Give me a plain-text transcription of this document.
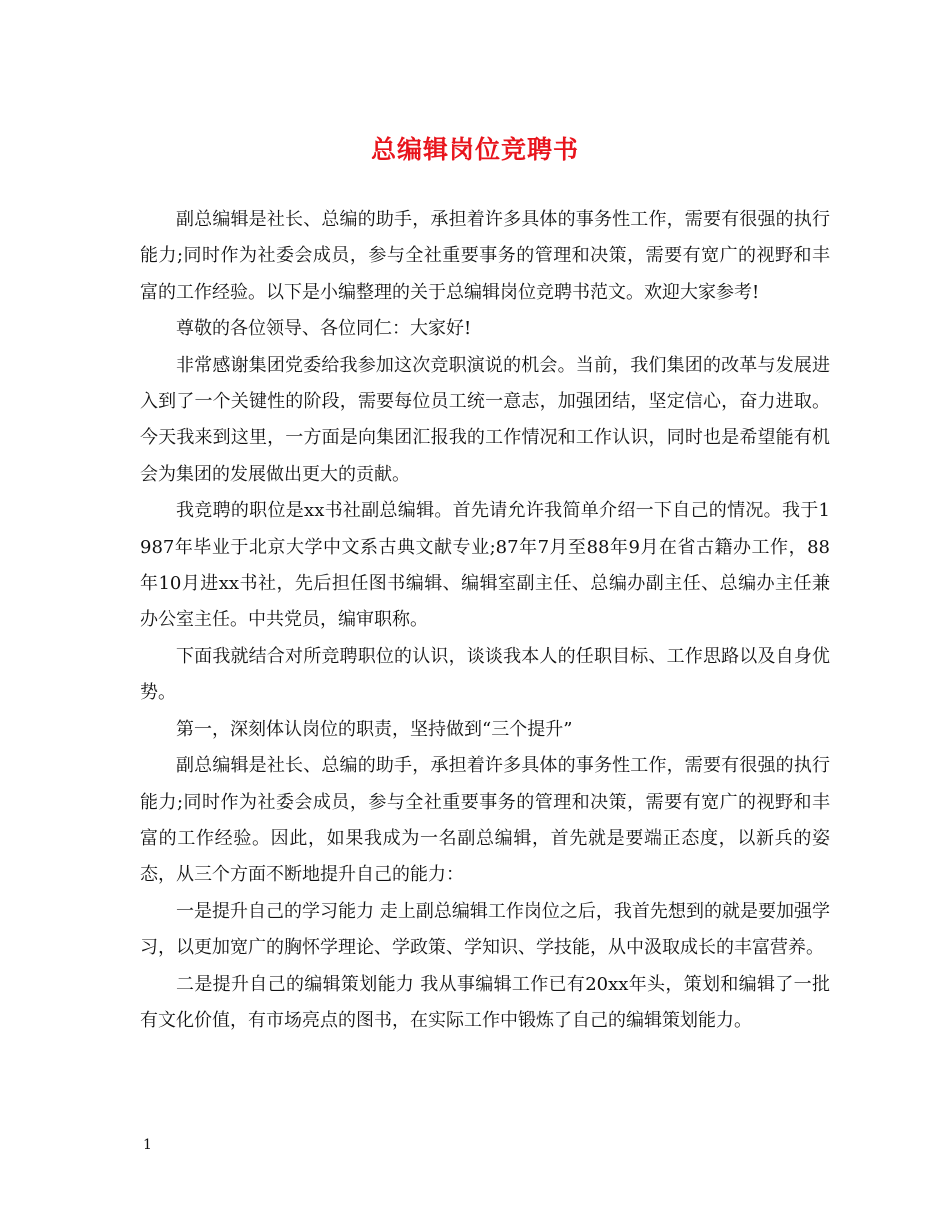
总编辑岗位竞聘书

副总编辑是社长、总编的助手，承担着许多具体的事务性工作，需要有很强的执行能力;同时作为社委会成员，参与全社重要事务的管理和决策，需要有宽广的视野和丰富的工作经验。以下是小编整理的关于总编辑岗位竞聘书范文。欢迎大家参考!

尊敬的各位领导、各位同仁：大家好!

非常感谢集团党委给我参加这次竞职演说的机会。当前，我们集团的改革与发展进入到了一个关键性的阶段，需要每位员工统一意志，加强团结，坚定信心，奋力进取。今天我来到这里，一方面是向集团汇报我的工作情况和工作认识，同时也是希望能有机会为集团的发展做出更大的贡献。

我竞聘的职位是xx书社副总编辑。首先请允许我简单介绍一下自己的情况。我于1987年毕业于北京大学中文系古典文献专业;87年7月至88年9月在省古籍办工作，88年10月进xx书社，先后担任图书编辑、编辑室副主任、总编办副主任、总编办主任兼办公室主任。中共党员，编审职称。

下面我就结合对所竞聘职位的认识，谈谈我本人的任职目标、工作思路以及自身优势。

第一，深刻体认岗位的职责，坚持做到“三个提升”

副总编辑是社长、总编的助手，承担着许多具体的事务性工作，需要有很强的执行能力;同时作为社委会成员，参与全社重要事务的管理和决策，需要有宽广的视野和丰富的工作经验。因此，如果我成为一名副总编辑，首先就是要端正态度，以新兵的姿态，从三个方面不断地提升自己的能力：

一是提升自己的学习能力 走上副总编辑工作岗位之后，我首先想到的就是要加强学习，以更加宽广的胸怀学理论、学政策、学知识、学技能，从中汲取成长的丰富营养。

二是提升自己的编辑策划能力 我从事编辑工作已有20xx年头，策划和编辑了一批有文化价值，有市场亮点的图书，在实际工作中锻炼了自己的编辑策划能力。

1
